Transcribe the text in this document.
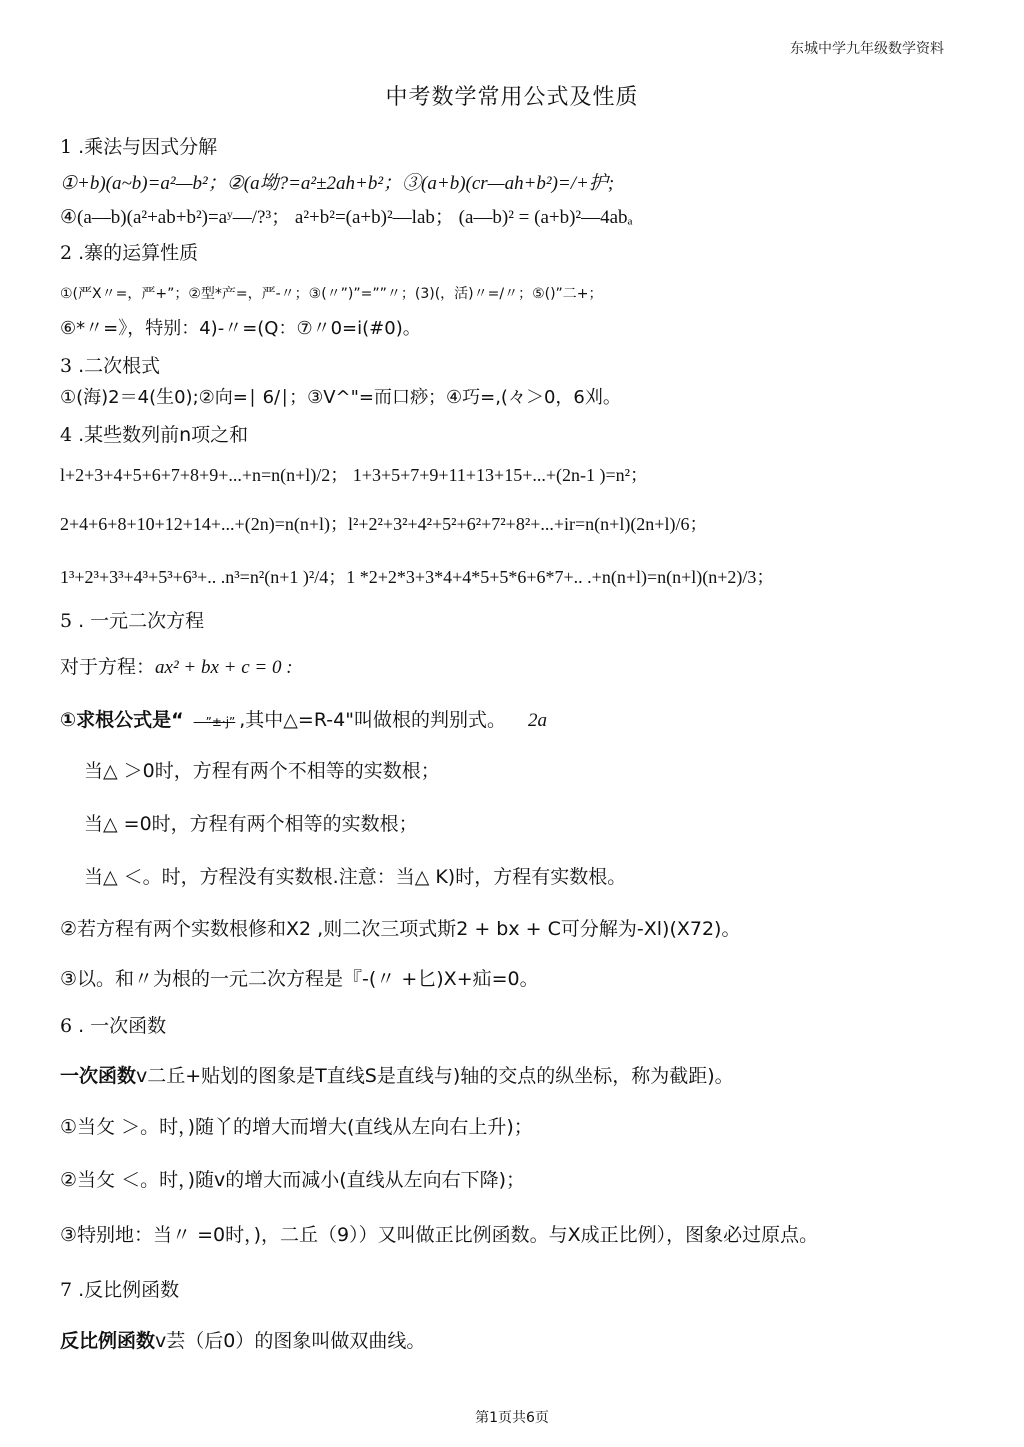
东城中学九年级数学资料
中考数学常用公式及性质
1 .乘法与因式分解
①+b)(a~b)=a²—b²；②(a坳?=a²±2ah+b²；③(a+b)(cr—ah+b²)=/+护;
④(a—b)(a²+ab+b²)=aʸ—/?³； a²+b²=(a+b)²—lab； (a—b)² = (a+b)²—4abₐ
2 .寨的运算性质
①(严X〃=，严+”；②型*产=，严-〃；③(〃”)”=””〃；(3)(，活)〃=/〃；⑤()”二+；
⑥*〃=》，特别：4)-〃=(Q：⑦〃0=i(#0)。
3 .二次根式
①(海)2＝4(生0);②向=∣ 6/∣；③V^"=而口痧；④巧=,(々＞0，6刈。
4 .某些数列前n项之和
l+2+3+4+5+6+7+8+9+...+n=n(n+l)/2； 1+3+5+7+9+11+13+15+...+(2n-1 )=n²；
2+4+6+8+10+12+14+...+(2n)=n(n+l)；l²+2²+3²+4²+5²+6²+7²+8²+...+ir=n(n+l)(2n+l)/6；
1³+2³+3³+4³+5³+6³+.. .n³=n²(n+1 )²/4；1 *2+2*3+3*4+4*5+5*6+6*7+.. .+n(n+l)=n(n+l)(n+2)/3；
5 . 一元二次方程
对于方程：ax² + bx + c = 0 :
①求根公式是“ —”±·j” ,其中△=R-4"叫做根的判别式。 2a
当△ ＞0时，方程有两个不相等的实数根；
当△ =0时，方程有两个相等的实数根；
当△ ＜。时，方程没有实数根.注意：当△ K)时，方程有实数根。
②若方程有两个实数根修和X2 ,则二次三项式斯2 + bx + C可分解为-Xl)(X72)。
③以。和〃为根的一元二次方程是『-(〃 +匕)X+疝=0。
6 . 一次函数
一次函数v二丘+贴划的图象是T直线S是直线与)轴的交点的纵坐标，称为截距)。
①当攵 ＞。时，)随丫的增大而增大(直线从左向右上升)；
②当攵 ＜。时，)随v的增大而减小(直线从左向右下降)；
③特别地：当〃 =0时，)，二丘（9））又叫做正比例函数。与X成正比例），图象必过原点。
7 .反比例函数
反比例函数v芸（后0）的图象叫做双曲线。
第1页共6页
